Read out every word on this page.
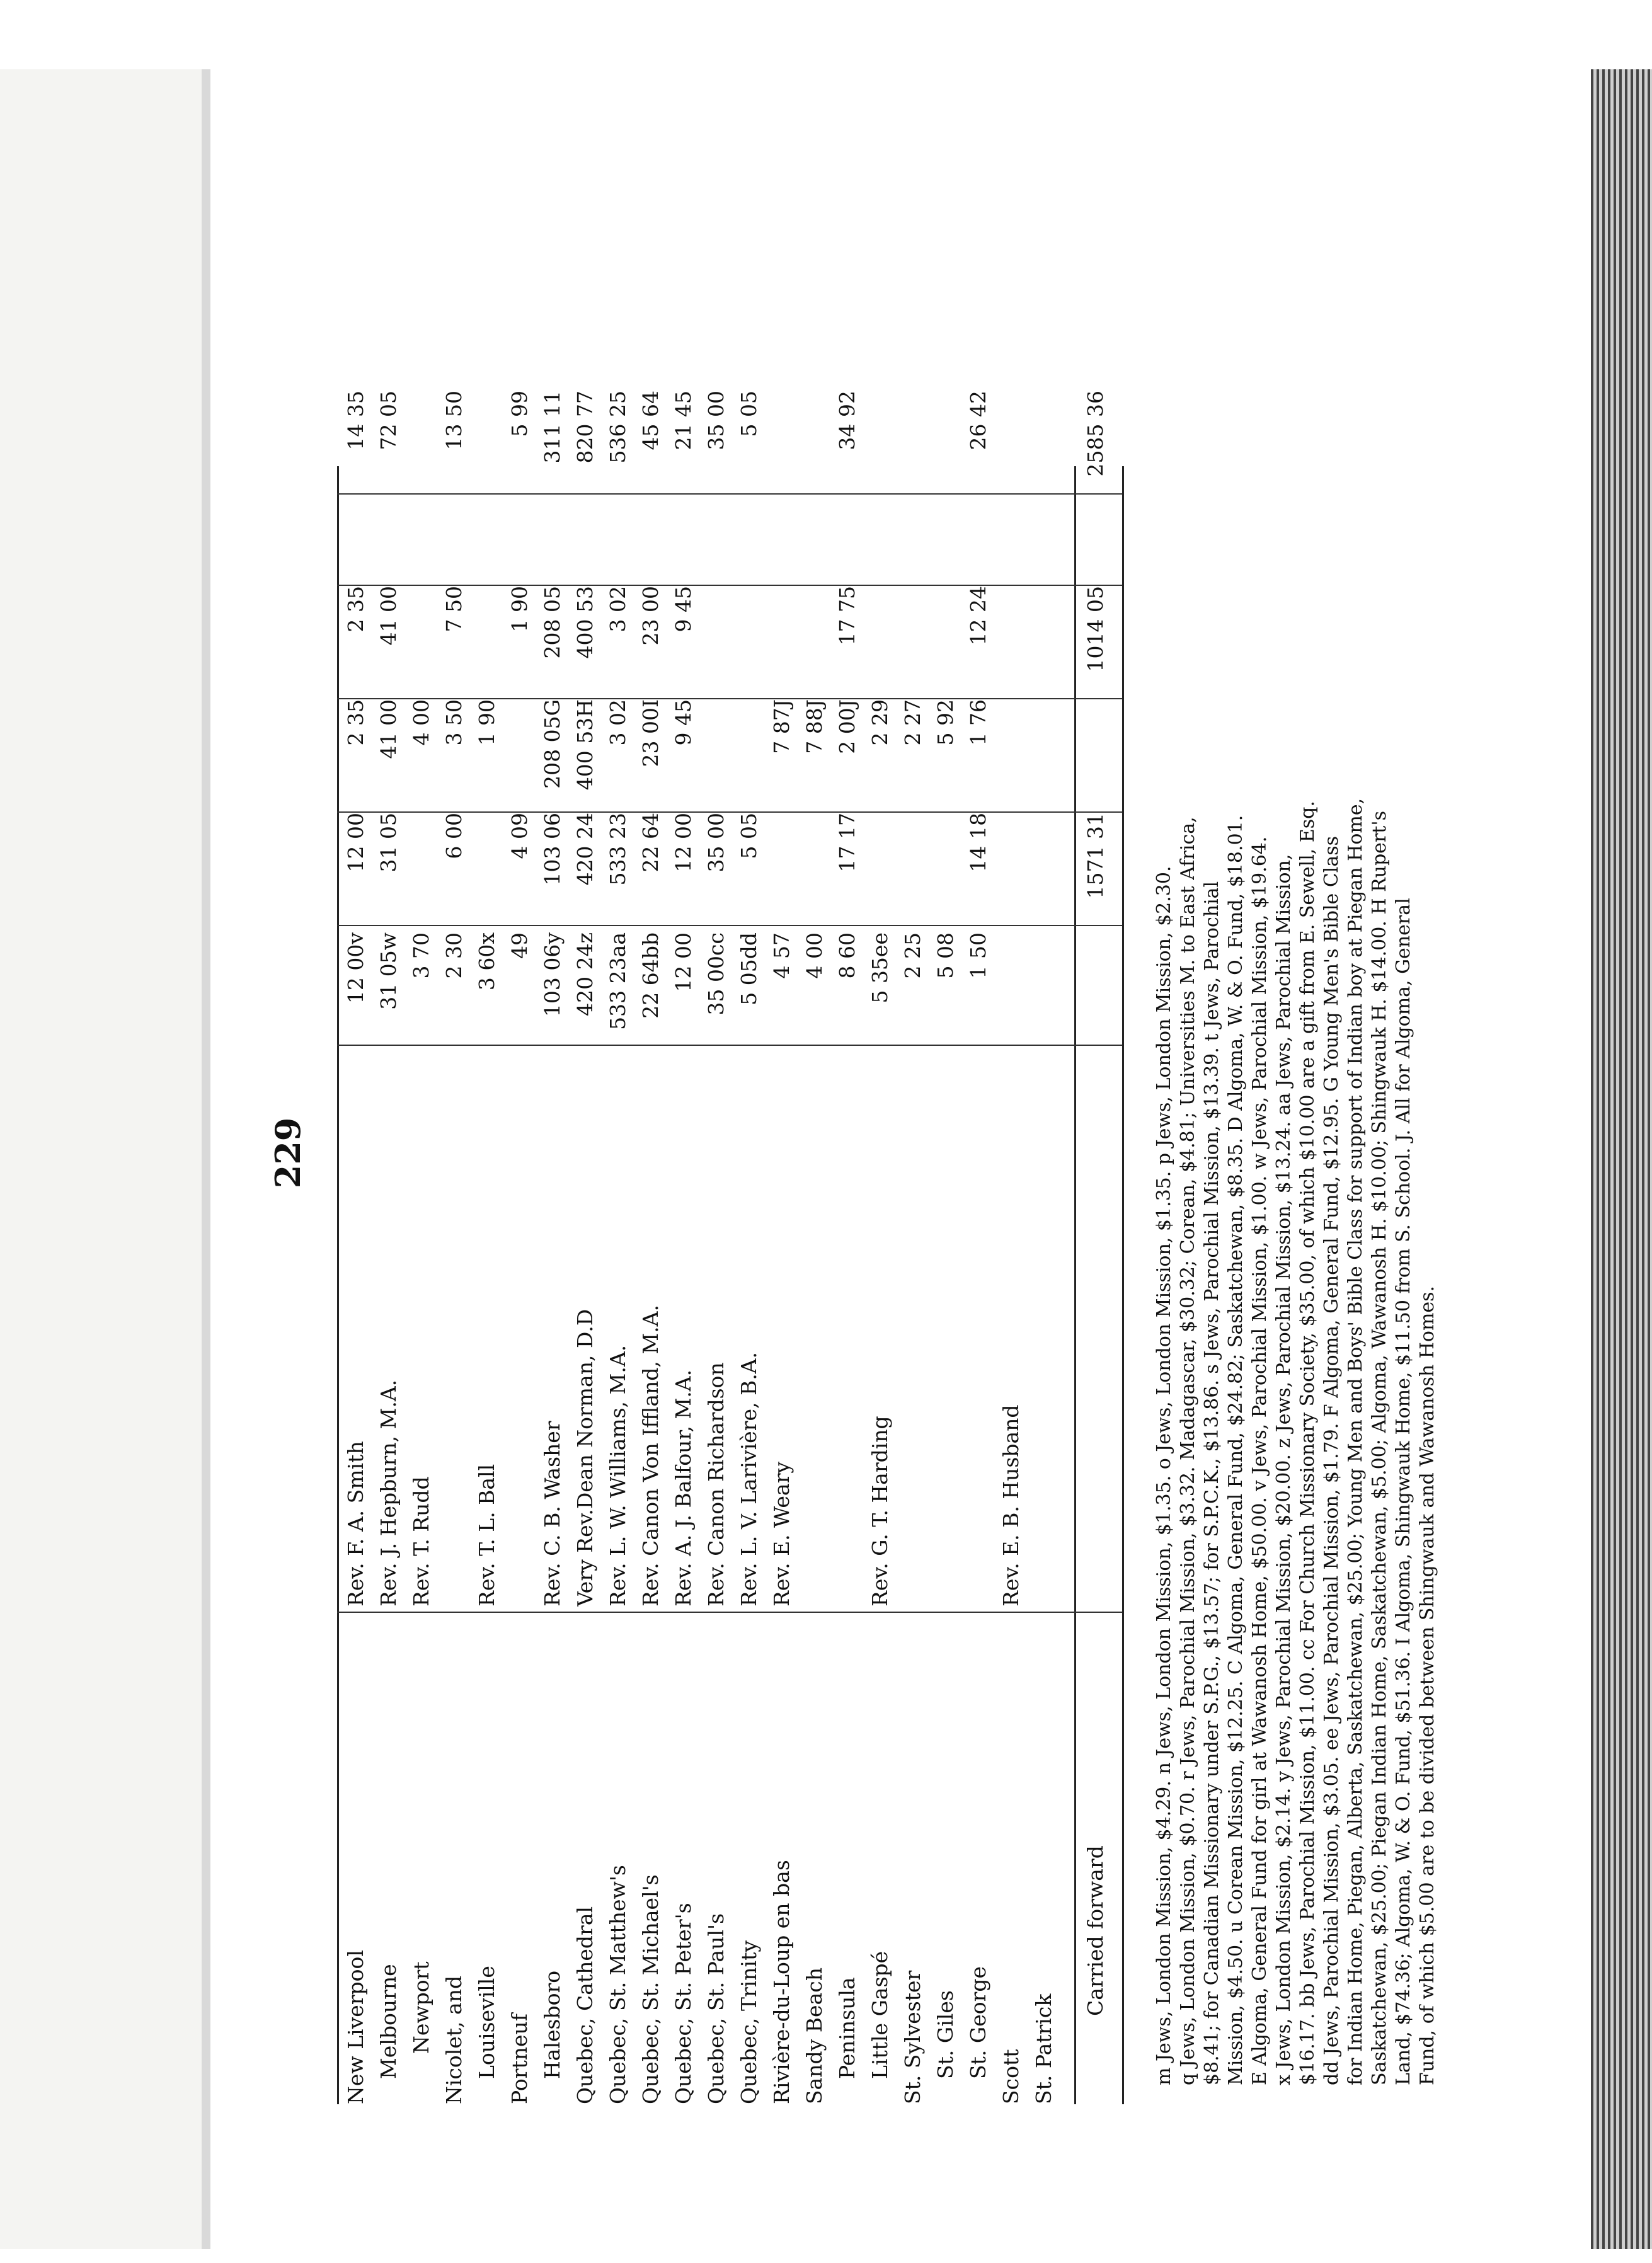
229
New Liverpool
Rev. F. A. Smith
12 00v
12 00
2 35
2 35
14 35
Melbourne
Rev. J. Hepburn, M.A.
31 05w
31 05
41 00
41 00
72 05
Newport
Rev. T. Rudd
3 70
4 00
Nicolet, and
2 30
6 00
3 50
7 50
13 50
Louiseville
Rev. T. L. Ball
3 60x
1 90
Portneuf
49
4 09
1 90
5 99
Halesboro
Rev. C. B. Washer
103 06y
103 06
208 05G
208 05
311 11
Quebec, Cathedral
Very Rev.Dean Norman, D.D
420 24z
420 24
400 53H
400 53
820 77
Quebec, St. Matthew's
Rev. L. W. Williams, M.A.
533 23aa
533 23
3 02
3 02
536 25
Quebec, St. Michael's
Rev. Canon Von Iffland, M.A.
22 64bb
22 64
23 00I
23 00
45 64
Quebec, St. Peter's
Rev. A. J. Balfour, M.A.
12 00
12 00
9 45
9 45
21 45
Quebec, St. Paul's
Rev. Canon Richardson
35 00cc
35 00
35 00
Quebec, Trinity
Rev. L. V. Larivière, B.A.
5 05dd
5 05
5 05
Rivière-du-Loup en bas
Rev. E. Weary
4 57
7 87J
Sandy Beach
4 00
7 88J
Peninsula
8 60
17 17
2 00J
17 75
34 92
Little Gaspé
Rev. G. T. Harding
5 35ee
2 29
St. Sylvester
2 25
2 27
St. Giles
5 08
5 92
St. George
1 50
14 18
1 76
12 24
26 42
Scott
Rev. E. B. Husband
St. Patrick
Carried forward
1571 31
1014 05
2585 36

m Jews, London Mission, $4.29. n Jews, London Mission, $1.35. o Jews, London Mission, $1.35. p Jews, London Mission, $2.30. q Jews, London Mission, $0.70. r Jews, Parochial Mission, $3.32. Madagascar, $30.32; Corean, $4.81; Universities M. to East Africa, $8.41; for Canadian Missionary under S.P.G., $13.57; for S.P.C.K., $13.86. s Jews, Parochial Mission, $13.39. t Jews, Parochial Mission, $4.50. u Corean Mission, $12.25. C Algoma, General Fund, $24.82; Saskatchewan, $8.35. D Algoma, W. & O. Fund, $18.01. E Algoma, General Fund for girl at Wawanosh Home, $50.00. v Jews, Parochial Mission, $1.00. w Jews, Parochial Mission, $19.64. x Jews, London Mission, $2.14. y Jews, Parochial Mission, $20.00. z Jews, Parochial Mission, $13.24. aa Jews, Parochial Mission, $16.17. bb Jews, Parochial Mission, $11.00. cc For Church Missionary Society, $35.00, of which $10.00 are a gift from E. Sewell, Esq. dd Jews, Parochial Mission, $3.05. ee Jews, Parochial Mission, $1.79. F Algoma, General Fund, $12.95. G Young Men's Bible Class for Indian Home, Piegan, Alberta, Saskatchewan, $25.00; Young Men and Boys' Bible Class for support of Indian boy at Piegan Home, Saskatchewan, $25.00; Piegan Indian Home, Saskatchewan, $5.00; Algoma, Wawanosh H. $10.00; Shingwauk H. $14.00. H Rupert's Land, $74.36; Algoma, W. & O. Fund, $51.36. I Algoma, Shingwauk Home, $11.50 from S. School. J. All for Algoma, General Fund, of which $5.00 are to be divided between Shingwauk and Wawanosh Homes.
